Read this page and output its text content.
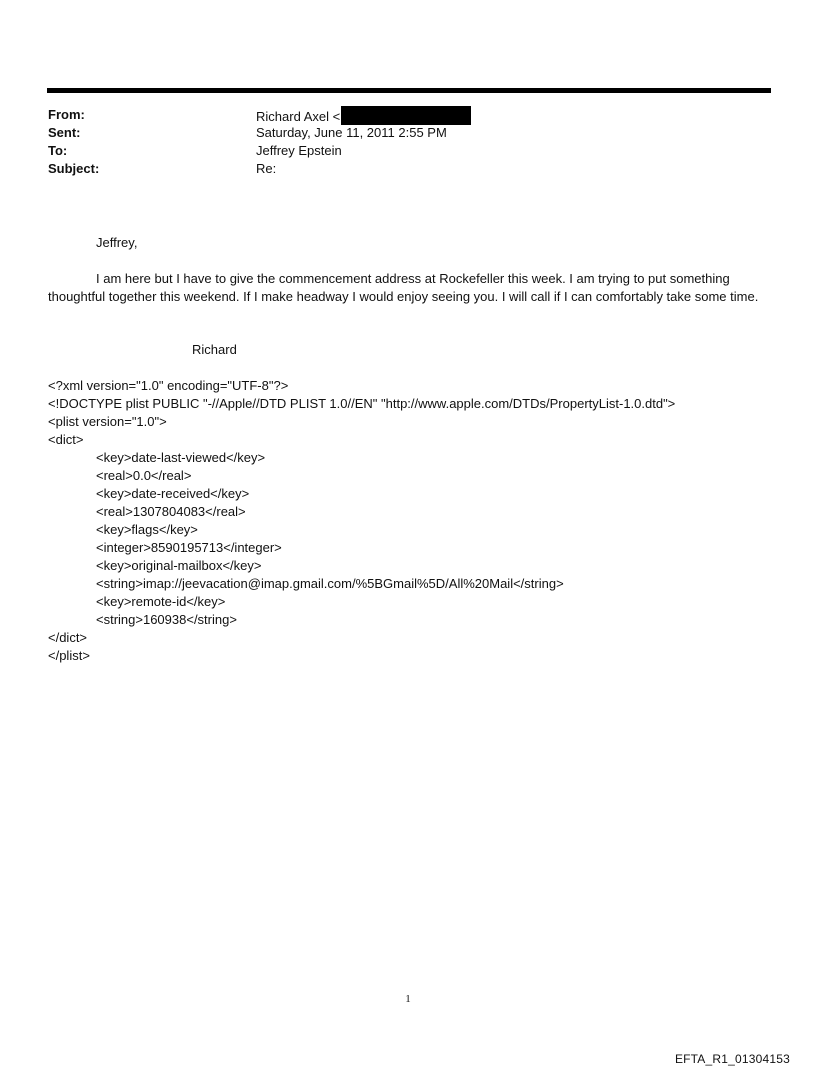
From:	Richard Axel <
Sent:	Saturday, June 11, 2011 2:55 PM
To:	Jeffrey Epstein
Subject:	Re:
Jeffrey,
I am here but I have to give the commencement address at Rockefeller this week. I am trying to put something thoughtful together this weekend. If I make headway I would enjoy seeing you. I will call if I can comfortably take some time.
Richard
<?xml version="1.0" encoding="UTF-8"?>
<!DOCTYPE plist PUBLIC "-//Apple//DTD PLIST 1.0//EN" "http://www.apple.com/DTDs/PropertyList-1.0.dtd">
<plist version="1.0">
<dict>
<key>date-last-viewed</key>
<real>0.0</real>
<key>date-received</key>
<real>1307804083</real>
<key>flags</key>
<integer>8590195713</integer>
<key>original-mailbox</key>
<string>imap://jeevacation@imap.gmail.com/%5BGmail%5D/All%20Mail</string>
<key>remote-id</key>
<string>160938</string>
</dict>
</plist>
1
EFTA_R1_01304153
